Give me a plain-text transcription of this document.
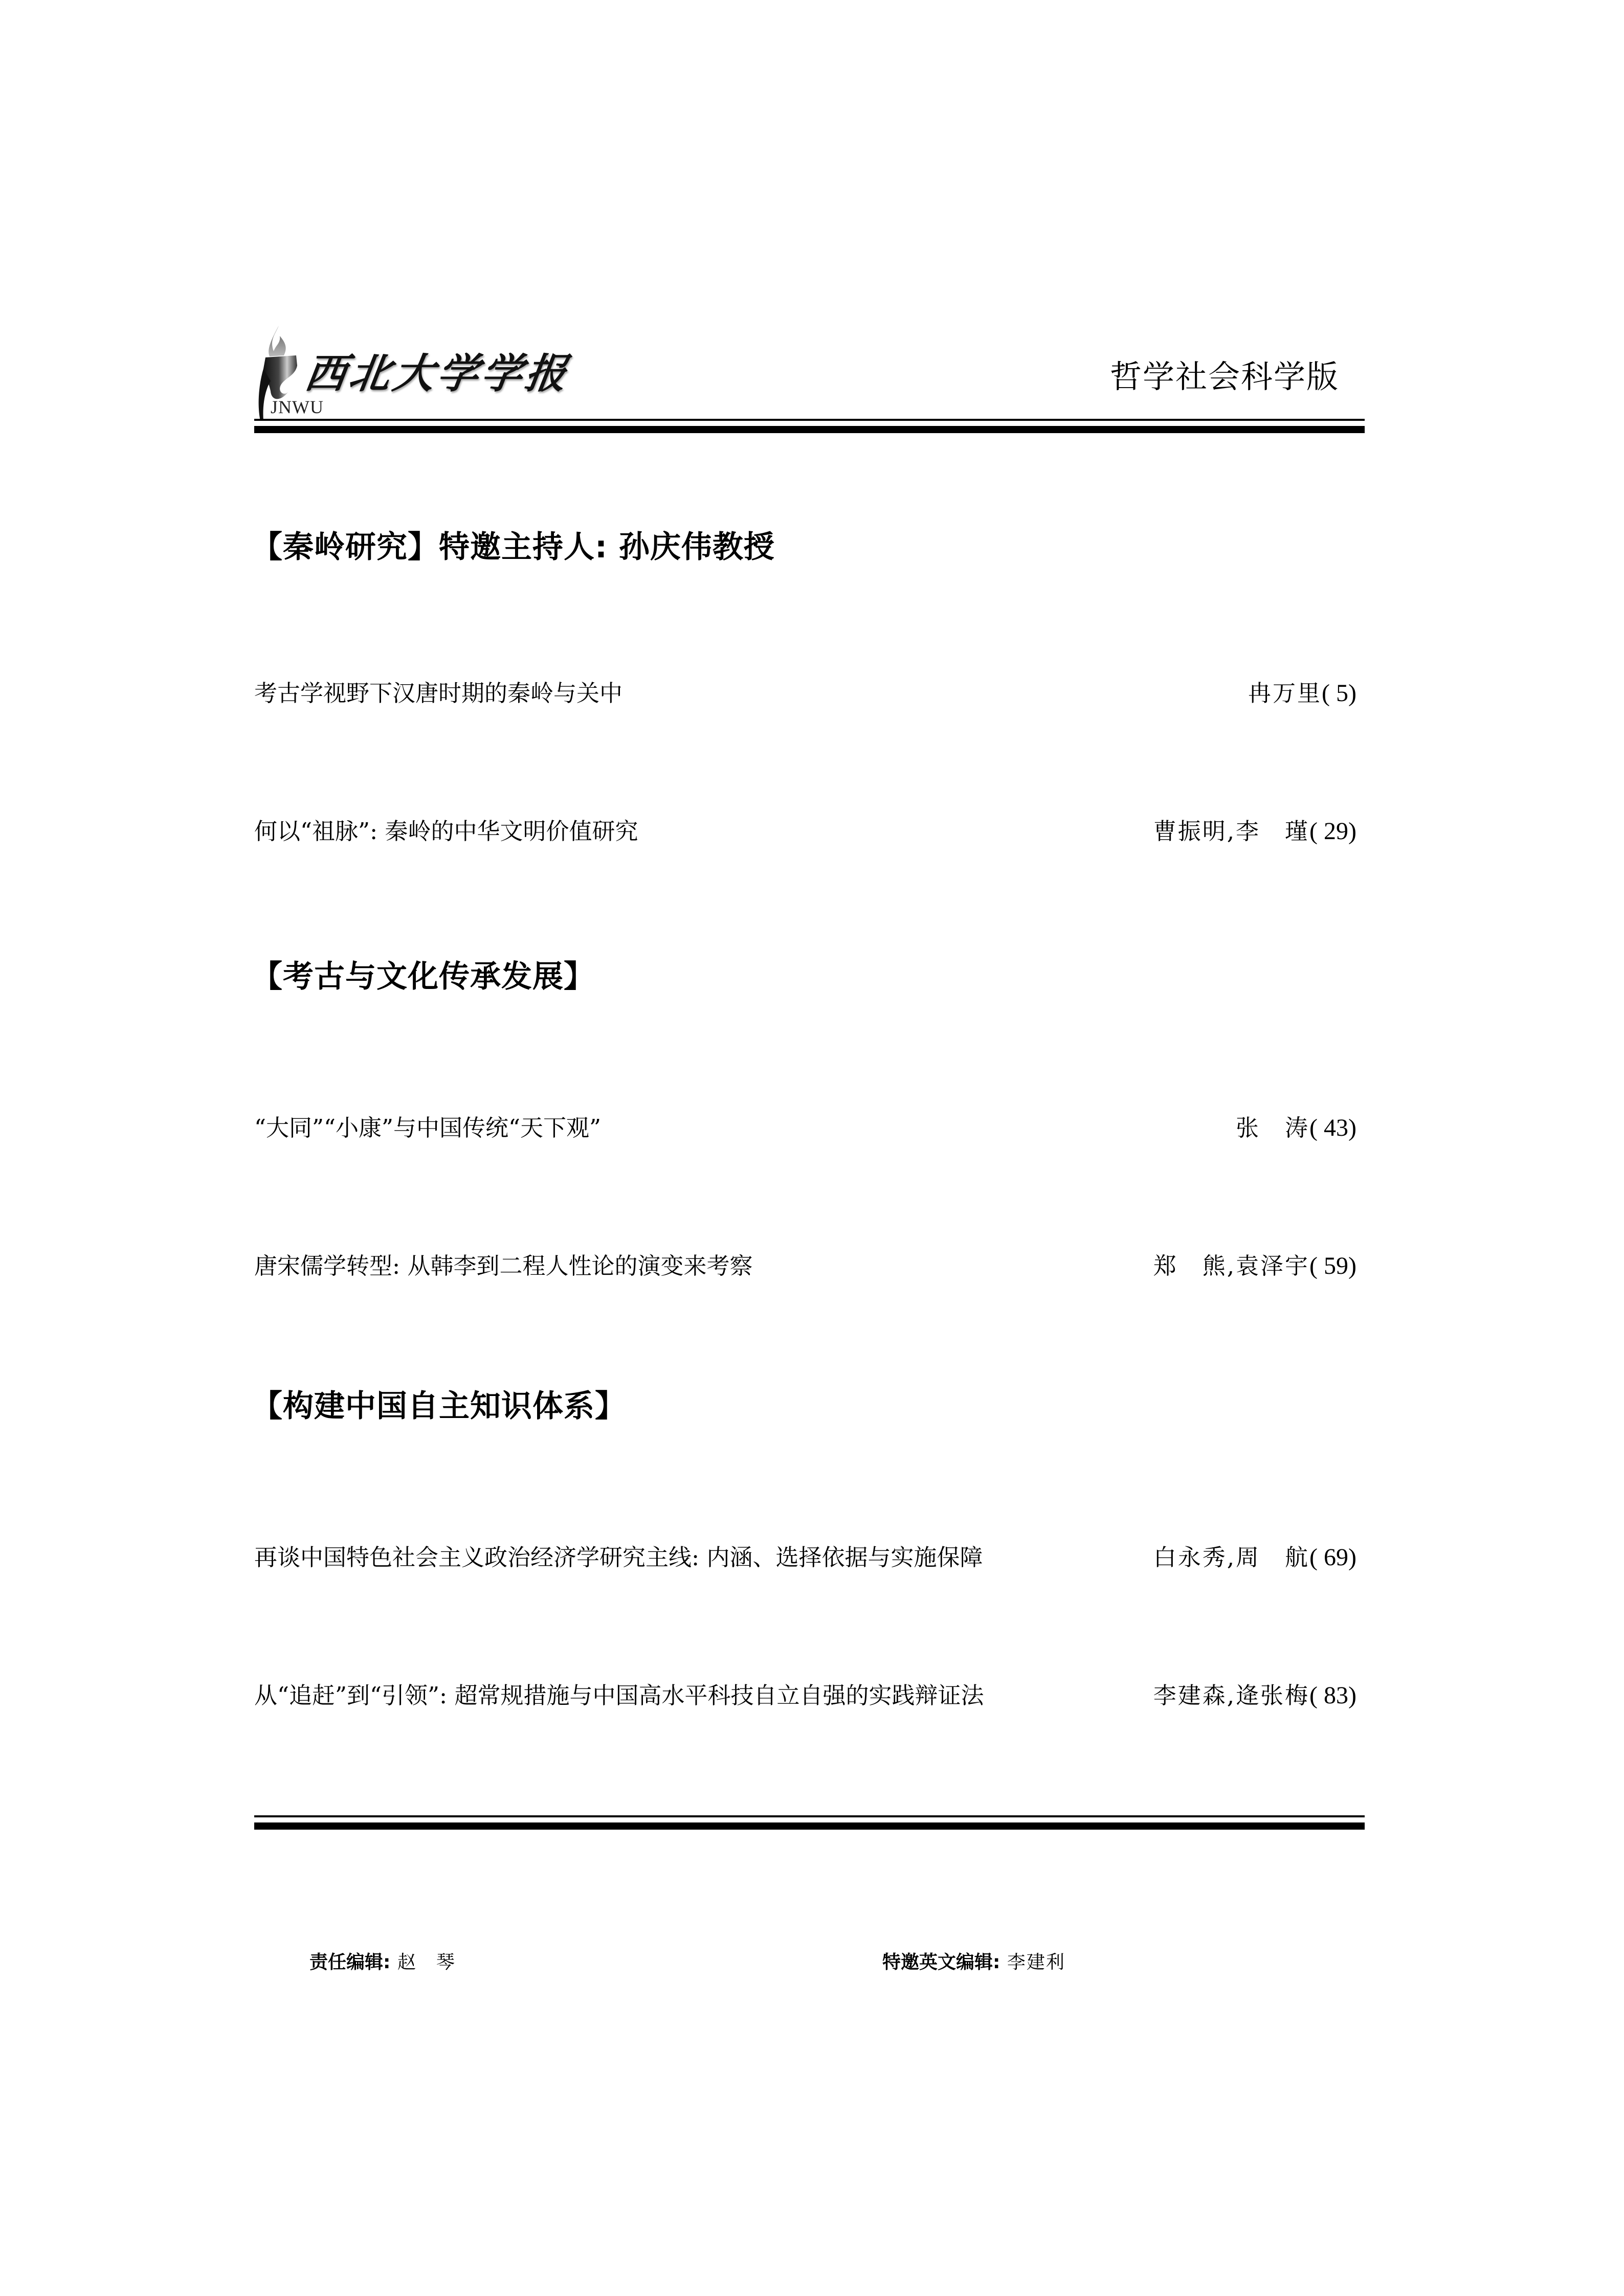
西北大学学报
JNWU
哲学社会科学版
【秦岭研究】特邀主持人: 孙庆伟教授
考古学视野下汉唐时期的秦岭与关中	冉万里( 5)
何以“祖脉”: 秦岭的中华文明价值研究	曹振明,李　瑾( 29)
【考古与文化传承发展】
“大同”“小康”与中国传统“天下观”	张　涛( 43)
唐宋儒学转型: 从韩李到二程人性论的演变来考察	郑　熊,袁泽宇( 59)
【构建中国自主知识体系】
再谈中国特色社会主义政治经济学研究主线: 内涵、选择依据与实施保障	白永秀,周　航( 69)
从“追赶”到“引领”: 超常规措施与中国高水平科技自立自强的实践辩证法	李建森,逄张梅( 83)
责任编辑: 赵　琴	特邀英文编辑: 李建利
